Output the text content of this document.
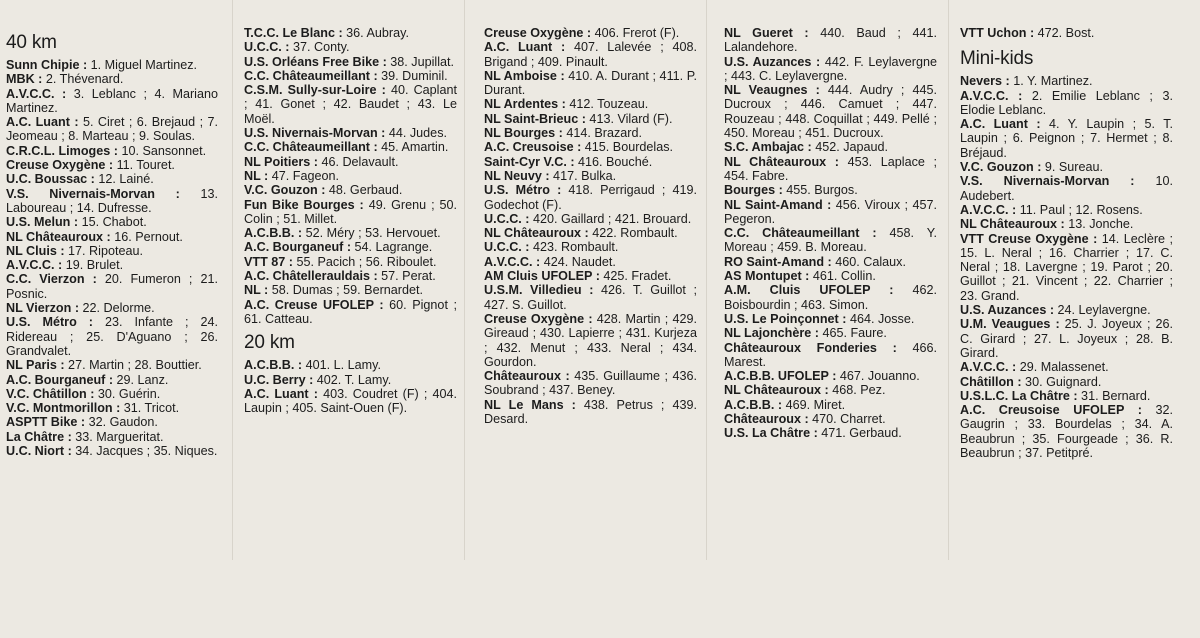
40 km

Sunn Chipie : 1. Miguel Martinez.

MBK : 2. Thévenard.

A.V.C.C. : 3. Leblanc ; 4. Mariano Martinez.

A.C. Luant : 5. Ciret ; 6. Brejaud ; 7. Jeomeau ; 8. Marteau ; 9. Soulas.

C.R.C.L. Limoges : 10. Sansonnet.

Creuse Oxygène : 11. Touret.

U.C. Boussac : 12. Lainé.

V.S. Nivernais-Morvan : 13. Laboureau ; 14. Dufresse.

U.S. Melun : 15. Chabot.

NL Châteauroux : 16. Pernout.

NL Cluis : 17. Ripoteau.

A.V.C.C. : 19. Brulet.

C.C. Vierzon : 20. Fumeron ; 21. Posnic.

NL Vierzon : 22. Delorme.

U.S. Métro : 23. Infante ; 24. Ridereau ; 25. D'Aguano ; 26. Grandvalet.

NL Paris : 27. Martin ; 28. Bouttier.

A.C. Bourganeuf : 29. Lanz.

V.C. Châtillon : 30. Guérin.

V.C. Montmorillon : 31. Tricot.

ASPTT Bike : 32. Gaudon.

La Châtre : 33. Margueritat.

U.C. Niort : 34. Jacques ; 35. Niques.

T.C.C. Le Blanc : 36. Aubray.

U.C.C. : 37. Conty.

U.S. Orléans Free Bike : 38. Jupillat.

C.C. Châteaumeillant : 39. Duminil.

C.S.M. Sully-sur-Loire : 40. Caplant ; 41. Gonet ; 42. Baudet ; 43. Le Moël.

U.S. Nivernais-Morvan : 44. Judes.

C.C. Châteaumeillant : 45. Amartin.

NL Poitiers : 46. Delavault.

NL : 47. Fageon.

V.C. Gouzon : 48. Gerbaud.

Fun Bike Bourges : 49. Grenu ; 50. Colin ; 51. Millet.

A.C.B.B. : 52. Méry ; 53. Hervouet.

A.C. Bourganeuf : 54. Lagrange.

VTT 87 : 55. Pacich ; 56. Riboulet.

A.C. Châtellerauldais : 57. Perat.

NL : 58. Dumas ; 59. Bernardet.

A.C. Creuse UFOLEP : 60. Pignot ; 61. Catteau.

20 km

A.C.B.B. : 401. L. Lamy.

U.C. Berry : 402. T. Lamy.

A.C. Luant : 403. Coudret (F) ; 404. Laupin ; 405. Saint-Ouen (F).

Creuse Oxygène : 406. Frerot (F).

A.C. Luant : 407. Lalevée ; 408. Brigand ; 409. Pinault.

NL Amboise : 410. A. Durant ; 411. P. Durant.

NL Ardentes : 412. Touzeau.

NL Saint-Brieuc : 413. Vilard (F).

NL Bourges : 414. Brazard.

A.C. Creusoise : 415. Bourdelas.

Saint-Cyr V.C. : 416. Bouché.

NL Neuvy : 417. Bulka.

U.S. Métro : 418. Perrigaud ; 419. Godechot (F).

U.C.C. : 420. Gaillard ; 421. Brouard.

NL Châteauroux : 422. Rombault.

U.C.C. : 423. Rombault.

A.V.C.C. : 424. Naudet.

AM Cluis UFOLEP : 425. Fradet.

U.S.M. Villedieu : 426. T. Guillot ; 427. S. Guillot.

Creuse Oxygène : 428. Martin ; 429. Gireaud ; 430. Lapierre ; 431. Kurjeza ; 432. Menut ; 433. Neral ; 434. Gourdon.

Châteauroux : 435. Guillaume ; 436. Soubrand ; 437. Beney.

NL Le Mans : 438. Petrus ; 439. Desard.

NL Gueret : 440. Baud ; 441. Lalandehore.

U.S. Auzances : 442. F. Leylavergne ; 443. C. Leylavergne.

NL Veaugnes : 444. Audry ; 445. Ducroux ; 446. Camuet ; 447. Rouzeau ; 448. Coquillat ; 449. Pellé ; 450. Moreau ; 451. Ducroux.

S.C. Ambajac : 452. Japaud.

NL Châteauroux : 453. Laplace ; 454. Fabre.

Bourges : 455. Burgos.

NL Saint-Amand : 456. Viroux ; 457. Pegeron.

C.C. Châteaumeillant : 458. Y. Moreau ; 459. B. Moreau.

RO Saint-Amand : 460. Calaux.

AS Montupet : 461. Collin.

A.M. Cluis UFOLEP : 462. Boisbourdin ; 463. Simon.

U.S. Le Poinçonnet : 464. Josse.

NL Lajonchère : 465. Faure.

Châteauroux Fonderies : 466. Marest.

A.C.B.B. UFOLEP : 467. Jouanno.

NL Châteauroux : 468. Pez.

A.C.B.B. : 469. Miret.

Châteauroux : 470. Charret.

U.S. La Châtre : 471. Gerbaud.

VTT Uchon : 472. Bost.

Mini-kids

Nevers : 1. Y. Martinez.

A.V.C.C. : 2. Emilie Leblanc ; 3. Elodie Leblanc.

A.C. Luant : 4. Y. Laupin ; 5. T. Laupin ; 6. Peignon ; 7. Hermet ; 8. Bréjaud.

V.C. Gouzon : 9. Sureau.

V.S. Nivernais-Morvan : 10. Audebert.

A.V.C.C. : 11. Paul ; 12. Rosens.

NL Châteauroux : 13. Jonche.

VTT Creuse Oxygène : 14. Leclère ; 15. L. Neral ; 16. Charrier ; 17. C. Neral ; 18. Lavergne ; 19. Parot ; 20. Guillot ; 21. Vincent ; 22. Charrier ; 23. Grand.

U.S. Auzances : 24. Leylavergne.

U.M. Veaugues : 25. J. Joyeux ; 26. C. Girard ; 27. L. Joyeux ; 28. B. Girard.

A.V.C.C. : 29. Malassenet.

Châtillon : 30. Guignard.

U.S.L.C. La Châtre : 31. Bernard.

A.C. Creusoise UFOLEP : 32. Gaugrin ; 33. Bourdelas ; 34. A. Beaubrun ; 35. Fourgeade ; 36. R. Beaubrun ; 37. Petitpré.
